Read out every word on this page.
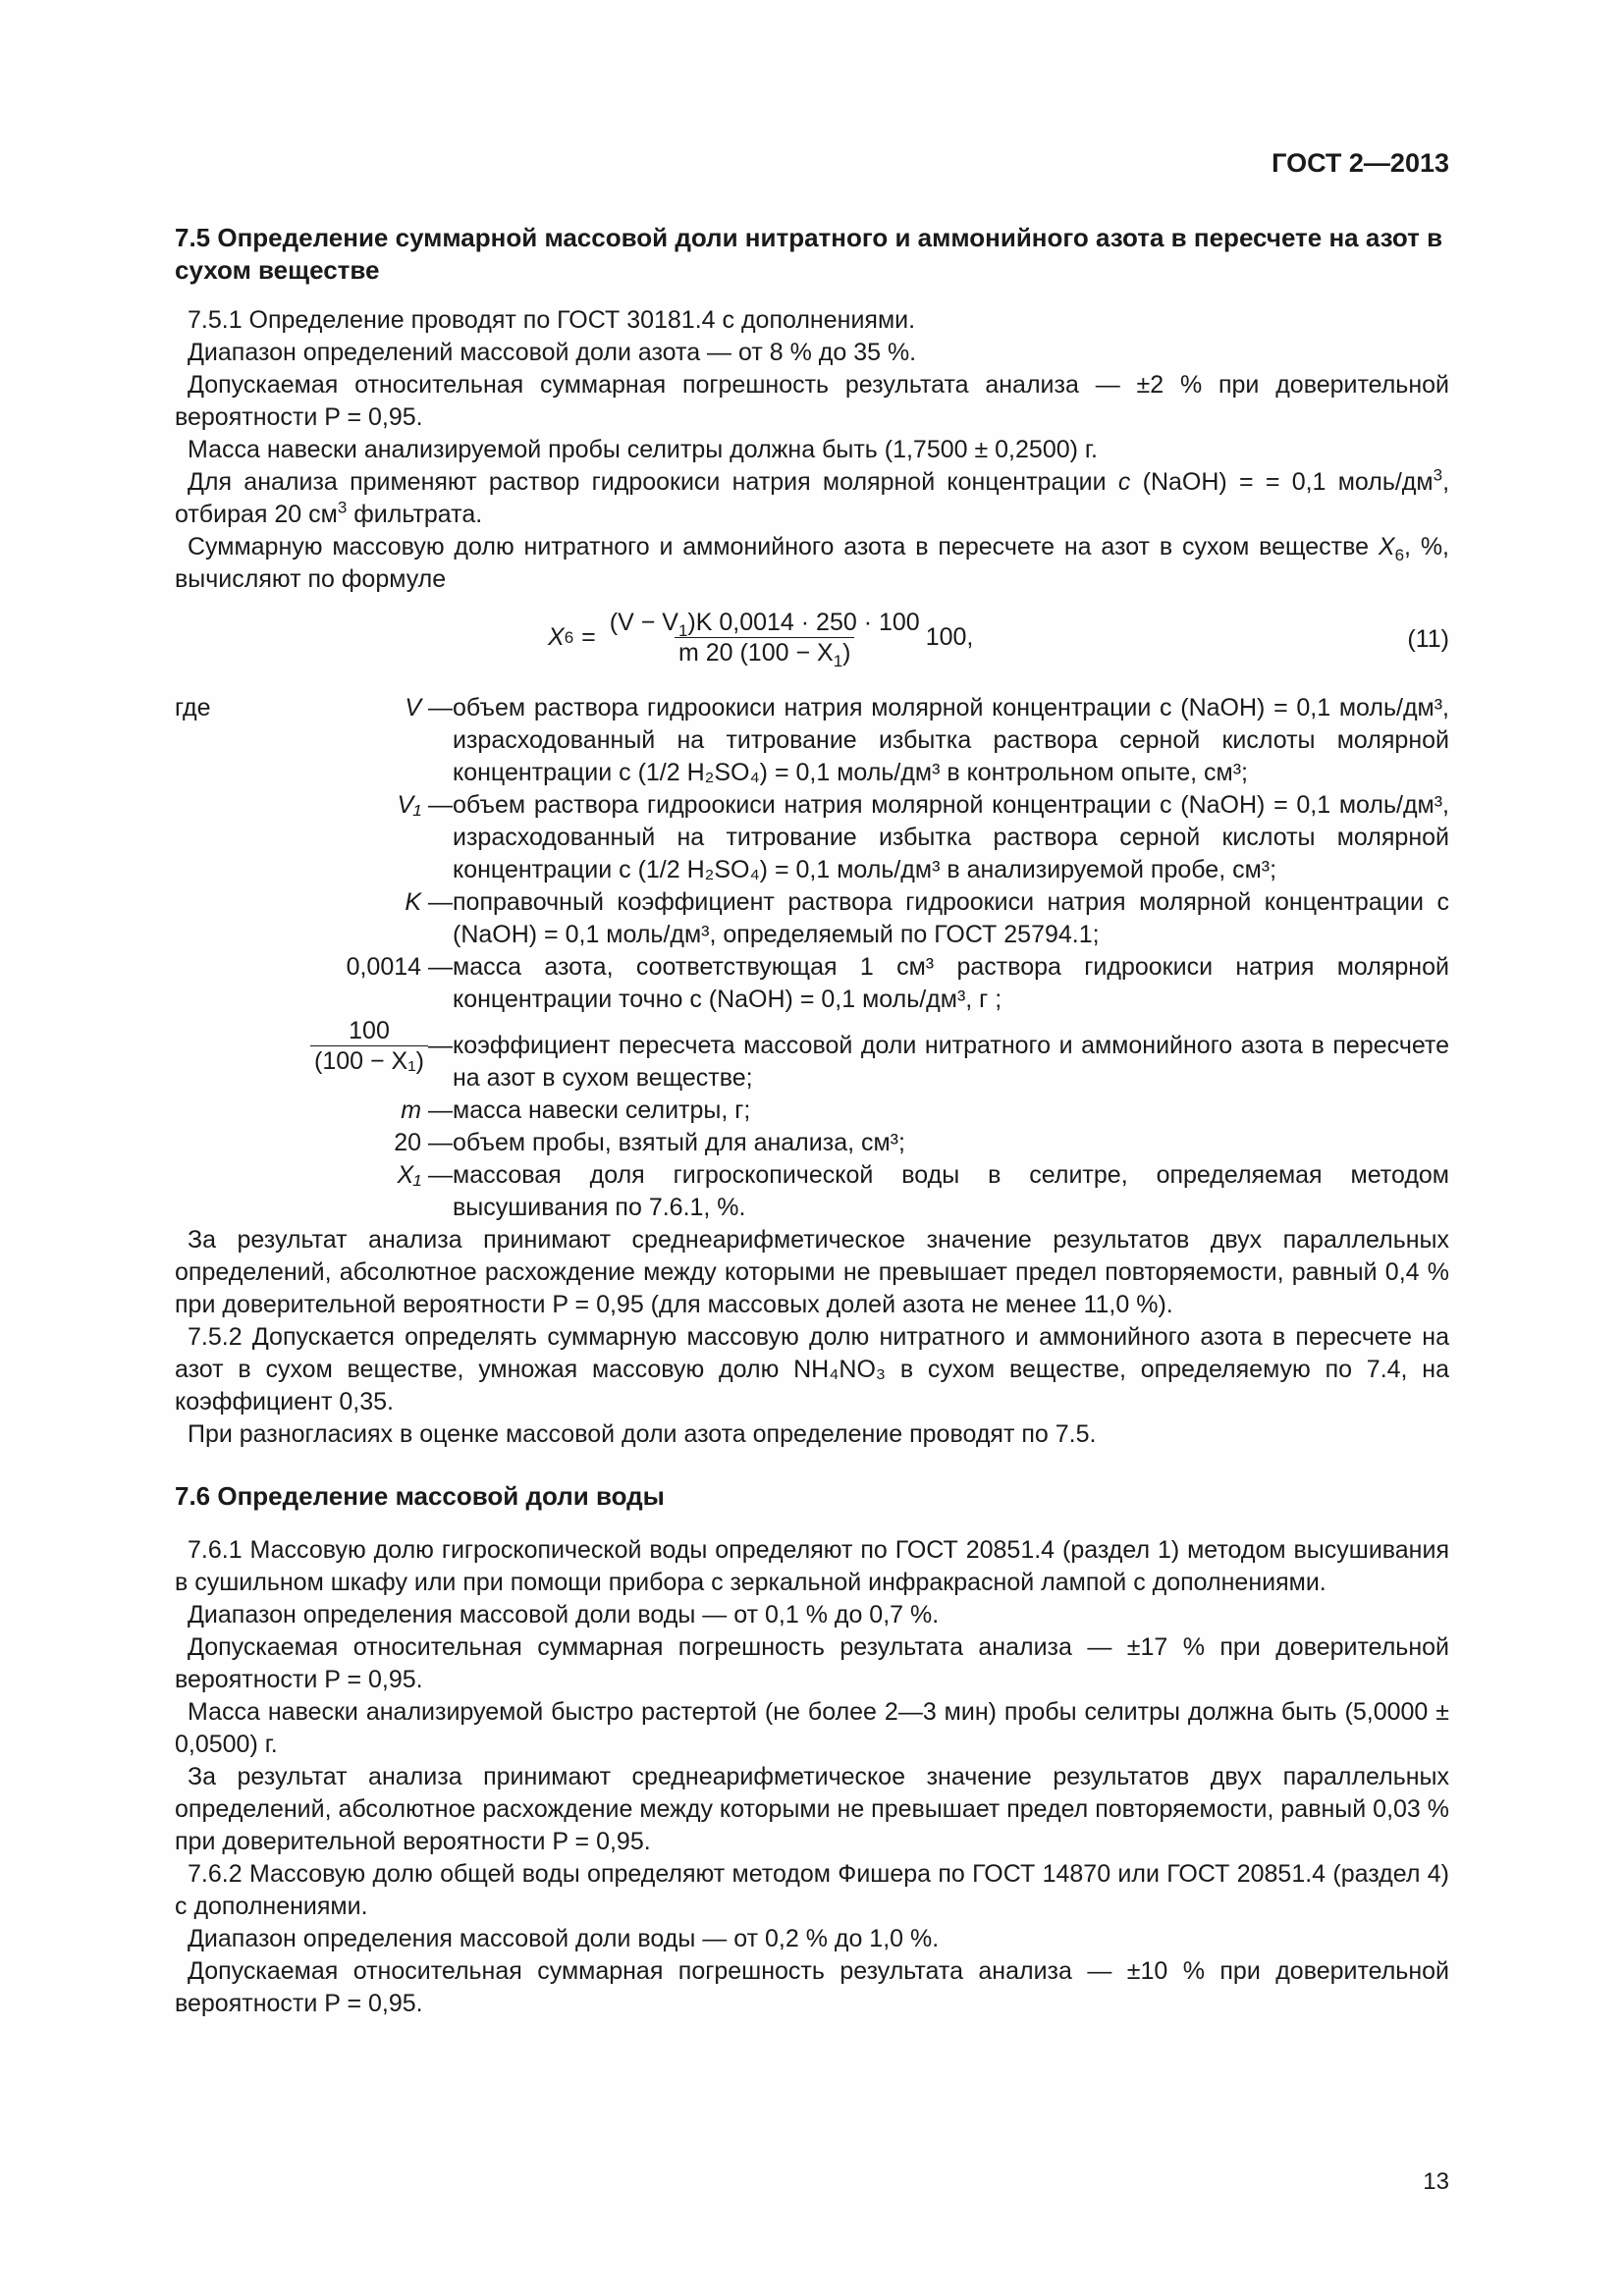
ГОСТ 2—2013
7.5 Определение суммарной массовой доли нитратного и аммонийного азота в пересчете на азот в сухом веществе

7.5.1 Определение проводят по ГОСТ 30181.4 с дополнениями.

Диапазон определений массовой доли азота — от 8 % до 35 %.

Допускаемая относительная суммарная погрешность результата анализа — ±2 % при доверительной вероятности P = 0,95.

Масса навески анализируемой пробы селитры должна быть (1,7500 ± 0,2500) г.

Для анализа применяют раствор гидроокиси натрия молярной концентрации c (NaOH) = = 0,1 моль/$дм^3$, отбирая 20 $см^3$ фильтрата.

Суммарную массовую долю нитратного и аммонийного азота в пересчете на азот в сухом веществе $X_6$, %, вычисляют по формуле

X $6 = \frac{(V - V_1)K 0,0014 \cdot 250 \cdot 100}{m 20 (100 - X_1)} 100$,	(11)
где	V — объем раствора гидроокиси натрия молярной концентрации c (NaOH) = 0,1 моль/дм³, израсходованный на титрование избытка раствора серной кислоты молярной концентрации c (1/2 H₂SO₄) = 0,1 моль/дм³ в контрольном опыте, см³;
V₁ — объем раствора гидроокиси натрия молярной концентрации c (NaOH) = 0,1 моль/дм³, израсходованный на титрование избытка раствора серной кислоты молярной концентрации c (1/2 H₂SO₄) = 0,1 моль/дм³ в анализируемой пробе, см³;
K — поправочный коэффициент раствора гидроокиси натрия молярной концентрации c (NaOH) = 0,1 моль/дм³, определяемый по ГОСТ 25794.1;
0,0014 — масса азота, соответствующая 1 см³ раствора гидроокиси натрия молярной концентрации точно c (NaOH) = 0,1 моль/дм³, г ;
$\frac{100}{\text{(100 − X₁)}}$ — коэффициент пересчета массовой доли нитратного и аммонийного азота в пересчете на азот в сухом веществе;
m — масса навески селитры, г;
20 — объем пробы, взятый для анализа, см³;
X₁ — массовая доля гигроскопической воды в селитре, определяемая методом высушивания по 7.6.1, %.

За результат анализа принимают среднеарифметическое значение результатов двух параллельных определений, абсолютное расхождение между которыми не превышает предел повторяемости, равный 0,4 % при доверительной вероятности P = 0,95 (для массовых долей азота не менее 11,0 %).

7.5.2 Допускается определять суммарную массовую долю нитратного и аммонийного азота в пересчете на азот в сухом веществе, умножая массовую долю NH₄NO₃ в сухом веществе, определяемую по 7.4, на коэффициент 0,35.

При разногласиях в оценке массовой доли азота определение проводят по 7.5.

7.6 Определение массовой доли воды

7.6.1 Массовую долю гигроскопической воды определяют по ГОСТ 20851.4 (раздел 1) методом высушивания в сушильном шкафу или при помощи прибора с зеркальной инфракрасной лампой с дополнениями.

Диапазон определения массовой доли воды — от 0,1 % до 0,7 %.

Допускаемая относительная суммарная погрешность результата анализа — ±17 % при доверительной вероятности P = 0,95.

Масса навески анализируемой быстро растертой (не более 2—3 мин) пробы селитры должна быть (5,0000 ± 0,0500) г.

За результат анализа принимают среднеарифметическое значение результатов двух параллельных определений, абсолютное расхождение между которыми не превышает предел повторяемости, равный 0,03 % при доверительной вероятности P = 0,95.

7.6.2 Массовую долю общей воды определяют методом Фишера по ГОСТ 14870 или ГОСТ 20851.4 (раздел 4) с дополнениями.

Диапазон определения массовой доли воды — от 0,2 % до 1,0 %.

Допускаемая относительная суммарная погрешность результата анализа — ±10 % при доверительной вероятности P = 0,95.

13
